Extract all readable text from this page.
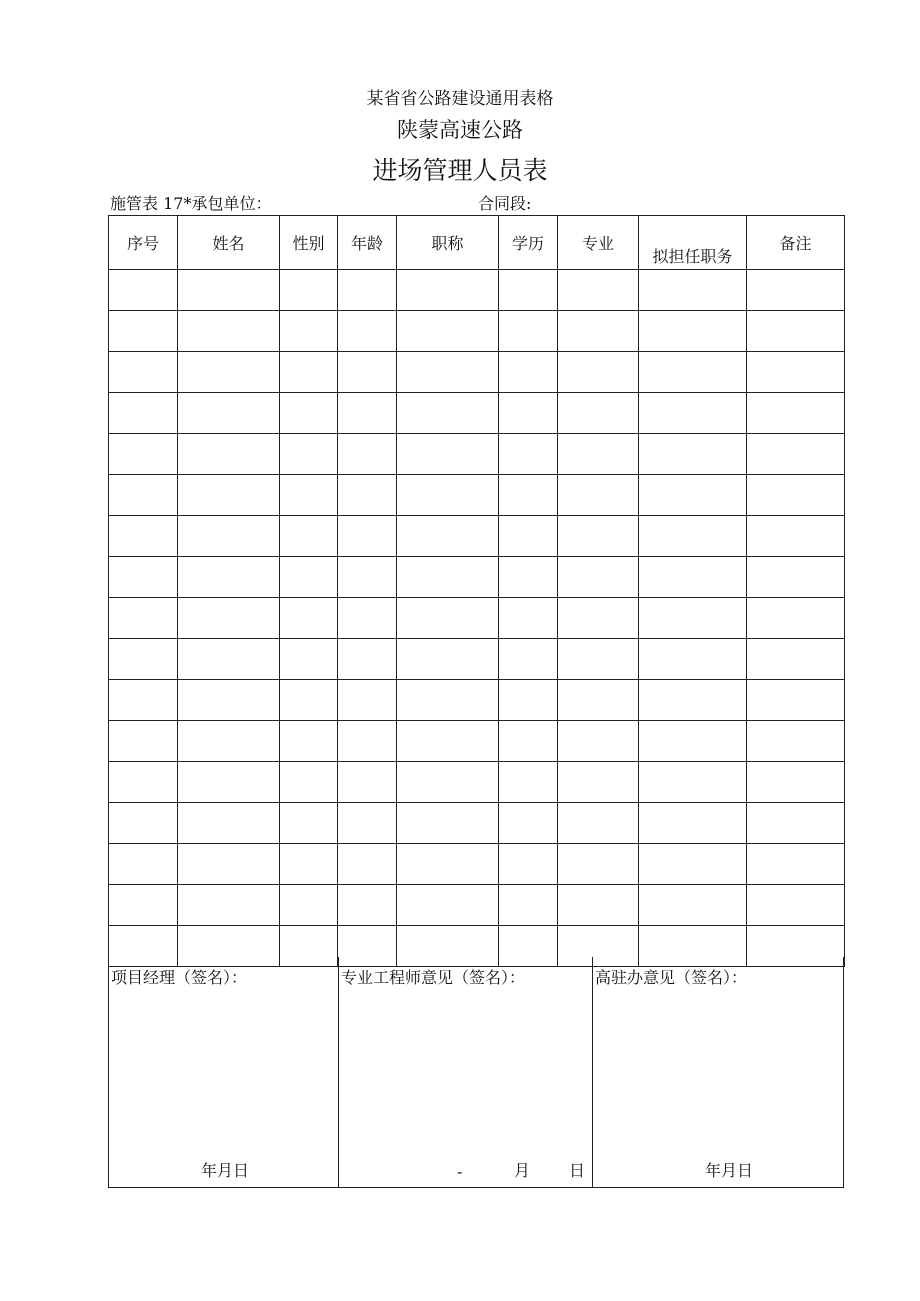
某省省公路建设通用表格
陕蒙高速公路
进场管理人员表
施管表 17*承包单位：	合同段:
序号	姓名	性别	年龄	职称	学历	专业	拟担任职务	备注

项目经理（签名）：
年月日
专业工程师意见（签名）：
-	月 日
高驻办意见（签名）：
年月日
